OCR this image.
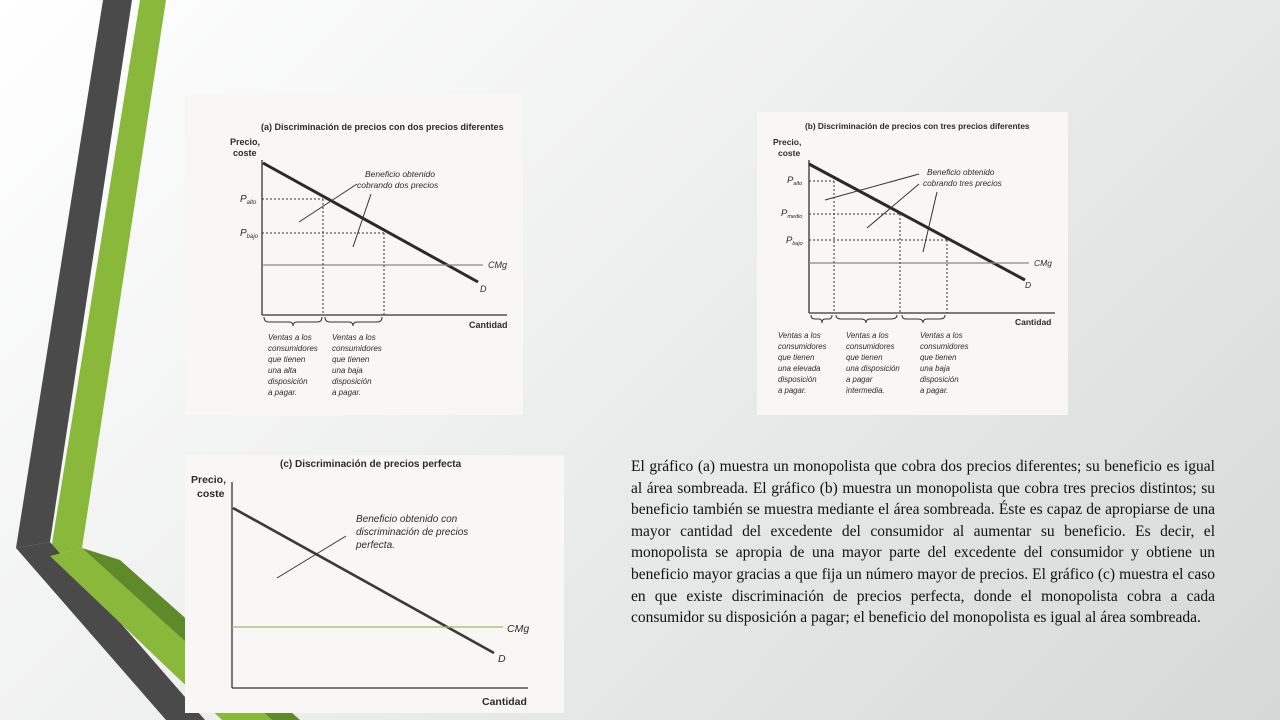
(a) Discriminación de precios con dos precios diferentes
Precio,
coste
Cantidad
D
CMg
$P_{alto}$
$P_{bajo}$
Beneficio obtenido cobrando dos precios
Ventas a los consumidores que tienen una alta disposición a pagar.
Ventas a los consumidores que tienen una baja disposición a pagar.
(b) Discriminación de precios con tres precios diferentes
Precio,
coste
Cantidad
D
CMg
$P_{alto}$
$P_{medio}$
$P_{bajo}$
Beneficio obtenido cobrando tres precios
Ventas a los consumidores que tienen una elevada disposición a pagar.
Ventas a los consumidores que tienen una disposición a pagar intermedia.
Ventas a los consumidores que tienen una baja disposición a pagar.
(c) Discriminación de precios perfecta
Precio,
coste
Cantidad
D
CMg
Beneficio obtenido con discriminación de precios perfecta.

El gráfico (a) muestra un monopolista que cobra dos precios diferentes; su beneficio es igual al área sombreada. El gráfico (b) muestra un monopolista que cobra tres precios distintos; su beneficio también se muestra mediante el área sombreada. Éste es capaz de apropiarse de una mayor cantidad del excedente del consumidor al aumentar su beneficio. Es decir, el monopolista se apropia de una mayor parte del excedente del consumidor y obtiene un beneficio mayor gracias a que fija un número mayor de precios. El gráfico (c) muestra el caso en que existe discriminación de precios perfecta, donde el monopolista cobra a cada consumidor su disposición a pagar; el beneficio del monopolista es igual al área sombreada.
